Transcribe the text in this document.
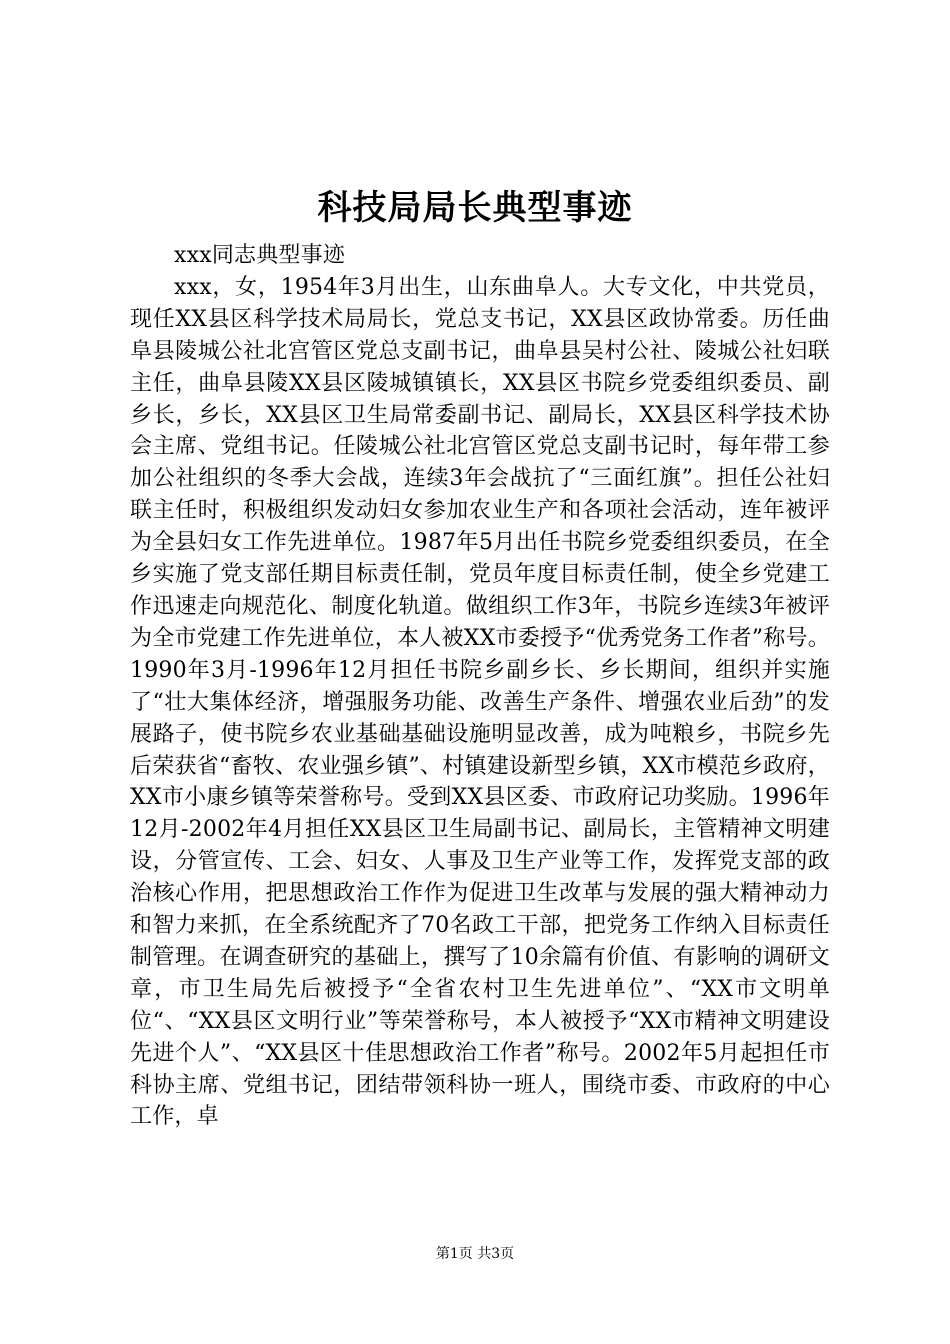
科技局局长典型事迹

xxx同志典型事迹

xxx，女，1954年3月出生，山东曲阜人。大专文化，中共党员，现任XX县区科学技术局局长，党总支书记，XX县区政协常委。历任曲阜县陵城公社北宫管区党总支副书记，曲阜县吴村公社、陵城公社妇联主任，曲阜县陵XX县区陵城镇镇长，XX县区书院乡党委组织委员、副乡长，乡长，XX县区卫生局常委副书记、副局长，XX县区科学技术协会主席、党组书记。任陵城公社北宫管区党总支副书记时，每年带工参加公社组织的冬季大会战，连续3年会战抗了“三面红旗”。担任公社妇联主任时，积极组织发动妇女参加农业生产和各项社会活动，连年被评为全县妇女工作先进单位。1987年5月出任书院乡党委组织委员，在全乡实施了党支部任期目标责任制，党员年度目标责任制，使全乡党建工作迅速走向规范化、制度化轨道。做组织工作3年，书院乡连续3年被评为全市党建工作先进单位，本人被XX市委授予“优秀党务工作者”称号。1990年3月-1996年12月担任书院乡副乡长、乡长期间，组织并实施了“壮大集体经济，增强服务功能、改善生产条件、增强农业后劲”的发展路子，使书院乡农业基础基础设施明显改善，成为吨粮乡，书院乡先后荣获省“畜牧、农业强乡镇”、村镇建设新型乡镇，XX市模范乡政府，XX市小康乡镇等荣誉称号。受到XX县区委、市政府记功奖励。1996年12月-2002年4月担任XX县区卫生局副书记、副局长，主管精神文明建设，分管宣传、工会、妇女、人事及卫生产业等工作，发挥党支部的政治核心作用，把思想政治工作作为促进卫生改革与发展的强大精神动力和智力来抓，在全系统配齐了70名政工干部，把党务工作纳入目标责任制管理。在调查研究的基础上，撰写了10余篇有价值、有影响的调研文章，市卫生局先后被授予“全省农村卫生先进单位”、“XX市文明单位“、“XX县区文明行业”等荣誉称号，本人被授予“XX市精神文明建设先进个人”、“XX县区十佳思想政治工作者”称号。2002年5月起担任市科协主席、党组书记，团结带领科协一班人，围绕市委、市政府的中心工作，卓

第1页 共3页
